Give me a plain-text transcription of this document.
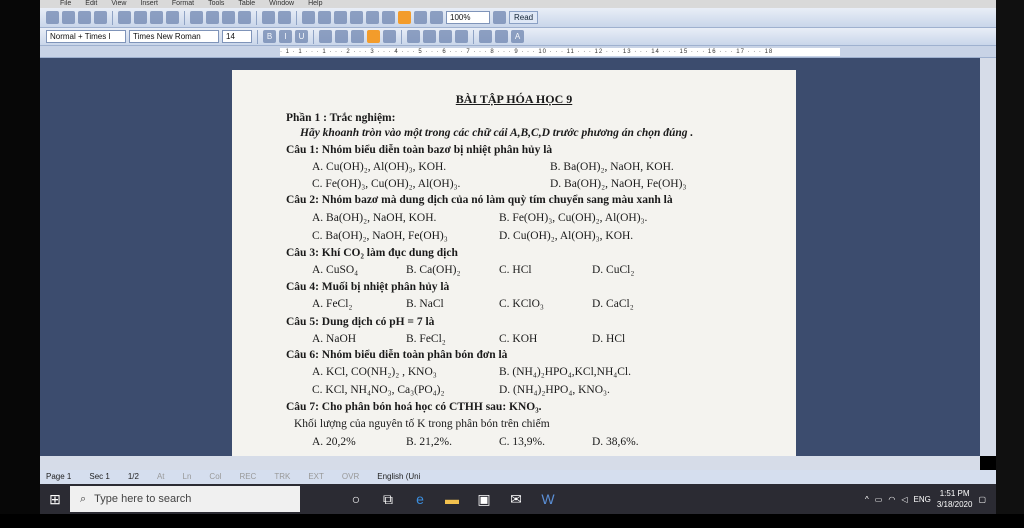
File Edit View Insert Format Tools Table Window Help
100%	Read
Normal + Times I	Times New Roman	14	B	I	U	A
· 1 · 1 · · · 1 · · · 2 · · · 3 · · · 4 · · · 5 · · · 6 · · · 7 · · · 8 · · · 9 · · · 10 · · · 11 · · · 12 · · · 13 · · · 14 · · · 15 · · · 16 · · · 17 · · · 18
BÀI TẬP HÓA HỌC 9
Phần 1 : Trắc nghiệm:
Hãy khoanh tròn vào một trong các chữ cái A,B,C,D trước phương án chọn đúng .
Câu 1: Nhóm biểu diễn toàn bazơ bị nhiệt phân hủy là
A. Cu(OH)₂, Al(OH)₃, KOH.	B. Ba(OH)₂, NaOH, KOH.
C. Fe(OH)₃, Cu(OH)₂, Al(OH)₃.	D. Ba(OH)₂, NaOH, Fe(OH)₃
Câu 2: Nhóm bazơ mà dung dịch của nó làm quỳ tím chuyển sang màu xanh là
A. Ba(OH)₂, NaOH, KOH.	B. Fe(OH)₃, Cu(OH)₂, Al(OH)₃.
C. Ba(OH)₂, NaOH, Fe(OH)₃	D. Cu(OH)₂, Al(OH)₃, KOH.
Câu 3: Khí CO₂ làm đục dung dịch
A. CuSO₄	B. Ca(OH)₂	C. HCl	D. CuCl₂
Câu 4: Muối bị nhiệt phân hủy là
A. FeCl₂	B. NaCl	C. KClO₃	D. CaCl₂
Câu 5: Dung dịch có pH = 7 là
A. NaOH	B. FeCl₂	C. KOH	D. HCl
Câu 6: Nhóm biểu diễn toàn phân bón đơn là
A. KCl, CO(NH₂)₂ , KNO₃	B. (NH₄)₂HPO₄,KCl,NH₄Cl.
C. KCl, NH₄NO₃, Ca₃(PO₄)₂	D. (NH₄)₂HPO₄, KNO₃.
Câu 7: Cho phân bón hoá học có CTHH sau: KNO₃.
Khối lượng của nguyên tố K trong phân bón trên chiếm
A. 20,2%	B. 21,2%.	C. 13,9%.	D. 38,6%.
Page 1 Sec 1 1/2 At Ln Col REC TRK EXT OVR English (Uni
⊞	⌕ Type here to search	○	⧉	e	▬	▣	✉	W	^ ▭ ◠ ◁ ENG
1:51 PM
3/18/2020
▢
